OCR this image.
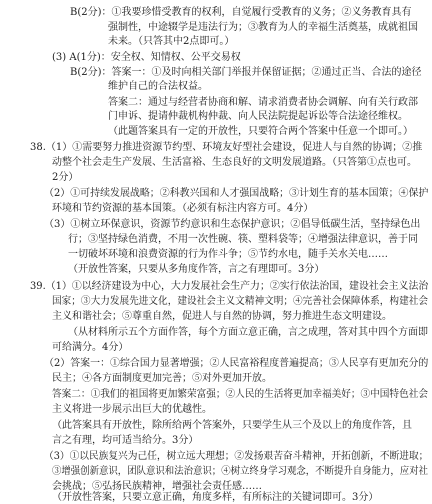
B(2分)：①我要珍惜受教育的权利，自觉履行受教育的义务；②义务教育具有
强制性，中途辍学是违法行为；③教育为人的幸福生活奠基，成就祖国
未来。（只答其中2点即可。）
(3) A(1分)：安全权、知情权、公平交易权
B(2分)：答案一：①及时向相关部门举报并保留证据；②通过正当、合法的途径
维护自己的合法权益。
答案二：通过与经营者协商和解、请求消费者协会调解、向有关行政部
门申诉、提请仲裁机构仲裁、向人民法院提起诉讼等合法途径维权。
（此题答案具有一定的开放性，只要符合两个答案中任意一个即可。）
38.（1）①需要努力推进资源节约型、环境友好型社会建设，促进人与自然的协调；②推
动整个社会走生产发展、生活富裕、生态良好的文明发展道路。（只答第①点也可。
2分）
（2）①可持续发展战略；②科教兴国和人才强国战略；③计划生育的基本国策；④保护
环境和节约资源的基本国策。（必须有标注内容方可。4分）
（3）①树立环保意识，资源节约意识和生态保护意识；②倡导低碳生活，坚持绿色出
行；③坚持绿色消费，不用一次性碗、筷、塑料袋等；④增强法律意识，善于同
一切破坏环境和浪费资源的行为作斗争；⑤节约水电，随手关水关电……
（开放性答案，只要从多角度作答，言之有理即可。3分）
39.（1）①以经济建设为中心，大力发展社会生产力；②实行依法治国，建设社会主义法治
国家；③大力发展先进文化，建设社会主义文精神文明；④完善社会保障体系，构建社会
主义和谐社会；⑤尊重自然，促进人与自然的协调，努力推进生态文明建设。
（从材料所示五个方面作答，每个方面立意正确，言之成理，答对其中四个方面即
可给满分。4分）
（2）答案一：①综合国力显著增强；②人民富裕程度普遍提高；③人民享有更加充分的
民主；④各方面制度更加完善；⑤对外更加开放。
答案二：①我们的祖国将更加繁荣富强；②人民的生活将更加幸福美好；③中国特色社会
主义将进一步展示出巨大的优越性。
（此答案具有开放性，除所给两个答案外，只要学生从三个及以上的角度作答，且
言之有理，均可适当给分。3分）
（3）①以民族复兴为己任，树立远大理想；②发扬艰苦奋斗精神，开拓创新，不断进取；
③增强创新意识，团队意识和法治意识；④树立终身学习观念，不断提升自身能力，应对社
会挑战；⑤弘扬民族精神，增强社会责任感……
（开放性答案，只要立意正确，角度多样，有所标注的关键词即可。3分）
